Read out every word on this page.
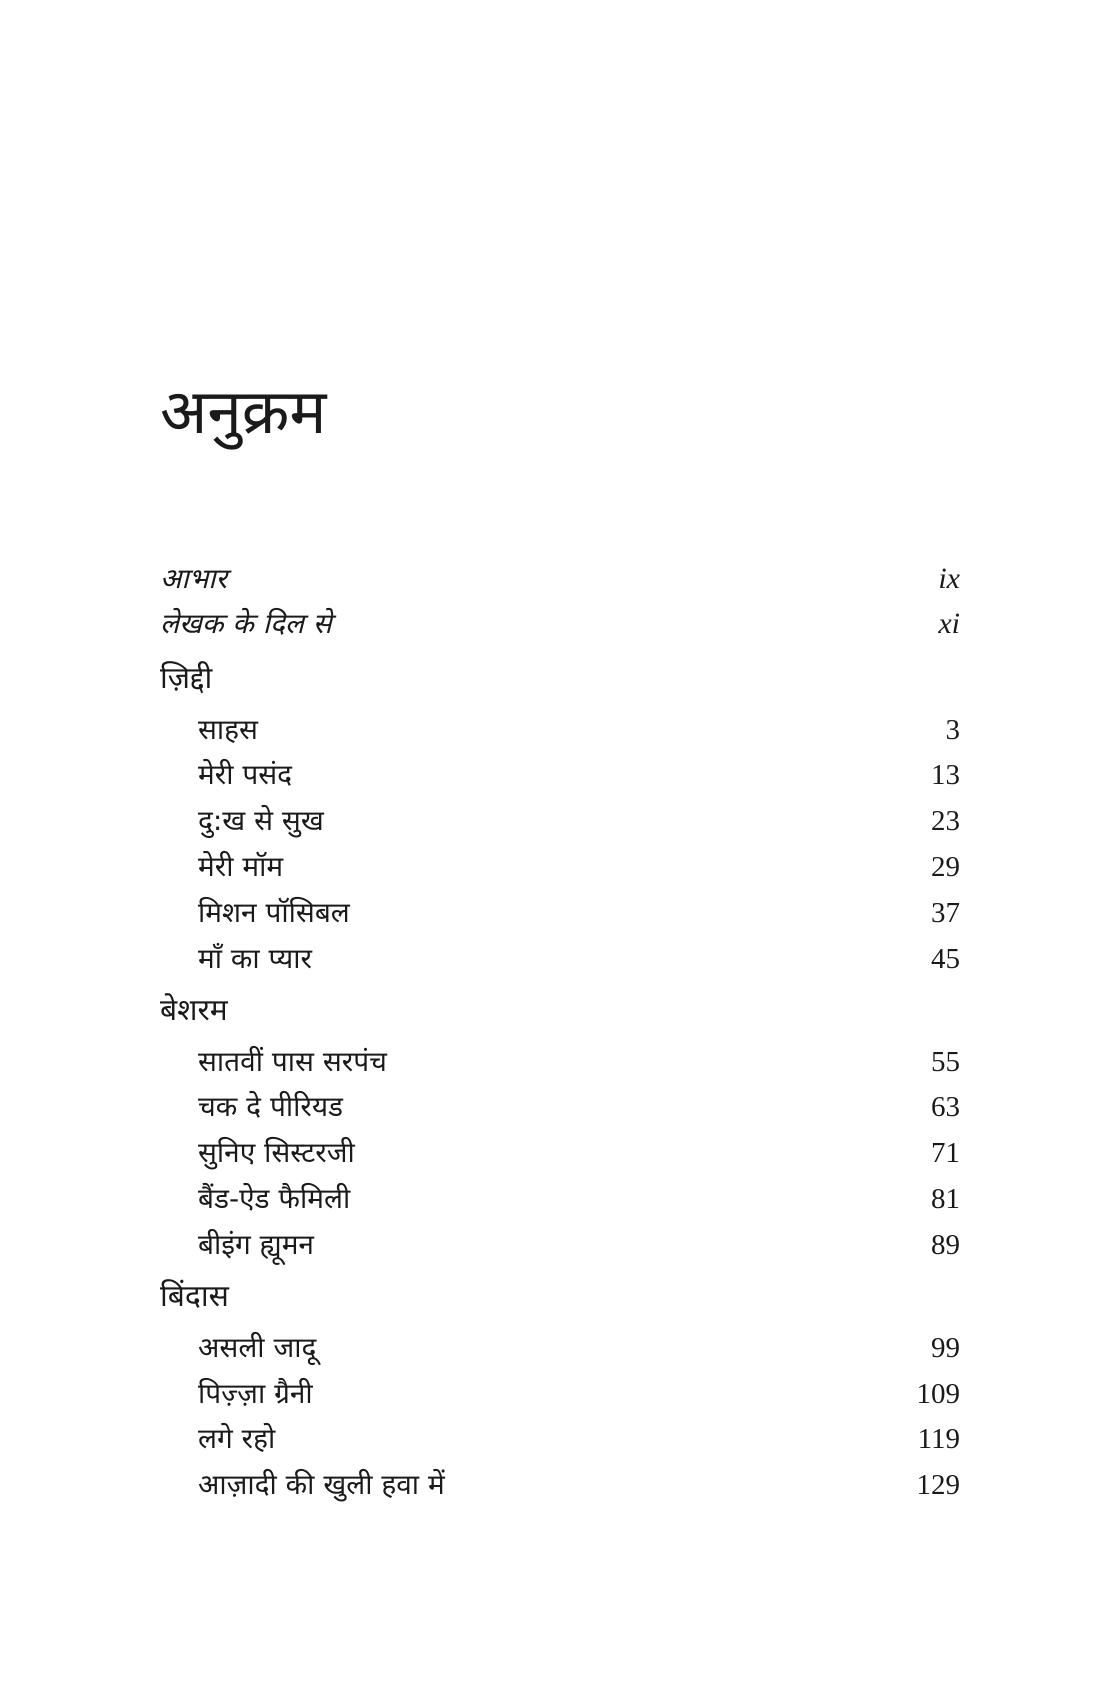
अनुक्रम
आभार	ix
लेखक के दिल से	xi
ज़िद्दी
साहस	3
मेरी पसंद	13
दु:ख से सुख	23
मेरी मॉम	29
मिशन पॉसिबल	37
माँ का प्यार	45
बेशरम
सातवीं पास सरपंच	55
चक दे पीरियड	63
सुनिए सिस्टरजी	71
बैंड-ऐड फैमिली	81
बीइंग ह्यूमन	89
बिंदास
असली जादू	99
पिज़्ज़ा ग्रैनी	109
लगे रहो	119
आज़ादी की खुली हवा में	129
